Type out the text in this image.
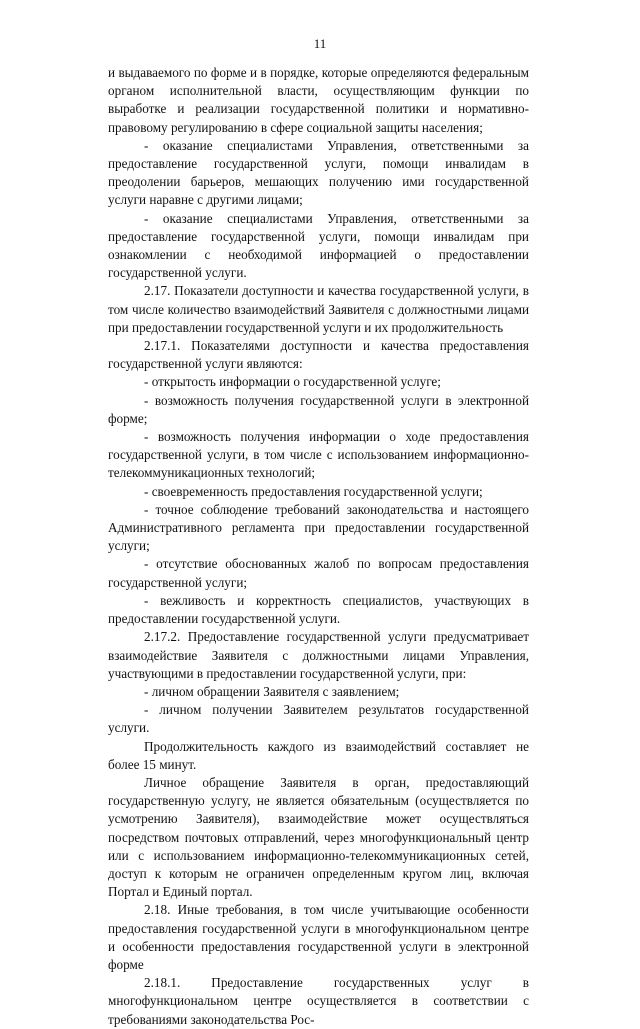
11

и выдаваемого по форме и в порядке, которые определяются федеральным органом исполнительной власти, осуществляющим функции по выработке и реализации государственной политики и нормативно-правовому регулированию в сфере социальной защиты населения;

- оказание специалистами Управления, ответственными за предоставление государственной услуги, помощи инвалидам в преодолении барьеров, мешающих получению ими государственной услуги наравне с другими лицами;

- оказание специалистами Управления, ответственными за предоставление государственной услуги, помощи инвалидам при ознакомлении с необходимой информацией о предоставлении государственной услуги.

2.17. Показатели доступности и качества государственной услуги, в том числе количество взаимодействий Заявителя с должностными лицами при предоставлении государственной услуги и их продолжительность

2.17.1. Показателями доступности и качества предоставления государственной услуги являются:

- открытость информации о государственной услуге;

- возможность получения государственной услуги в электронной форме;

- возможность получения информации о ходе предоставления государственной услуги, в том числе с использованием информационно-телекоммуникационных технологий;

- своевременность предоставления государственной услуги;

- точное соблюдение требований законодательства и настоящего Административного регламента при предоставлении государственной услуги;

- отсутствие обоснованных жалоб по вопросам предоставления государственной услуги;

- вежливость и корректность специалистов, участвующих в предоставлении государственной услуги.

2.17.2. Предоставление государственной услуги предусматривает взаимодействие Заявителя с должностными лицами Управления, участвующими в предоставлении государственной услуги, при:

- личном обращении Заявителя с заявлением;

- личном получении Заявителем результатов государственной услуги.

Продолжительность каждого из взаимодействий составляет не более 15 минут.

Личное обращение Заявителя в орган, предоставляющий государственную услугу, не является обязательным (осуществляется по усмотрению Заявителя), взаимодействие может осуществляться посредством почтовых отправлений, через многофункциональный центр или с использованием информационно-телекоммуникационных сетей, доступ к которым не ограничен определенным кругом лиц, включая Портал и Единый портал.

2.18. Иные требования, в том числе учитывающие особенности предоставления государственной услуги в многофункциональном центре и особенности предоставления государственной услуги в электронной форме

2.18.1. Предоставление государственных услуг в многофункциональном центре осуществляется в соответствии с требованиями законодательства Рос-
